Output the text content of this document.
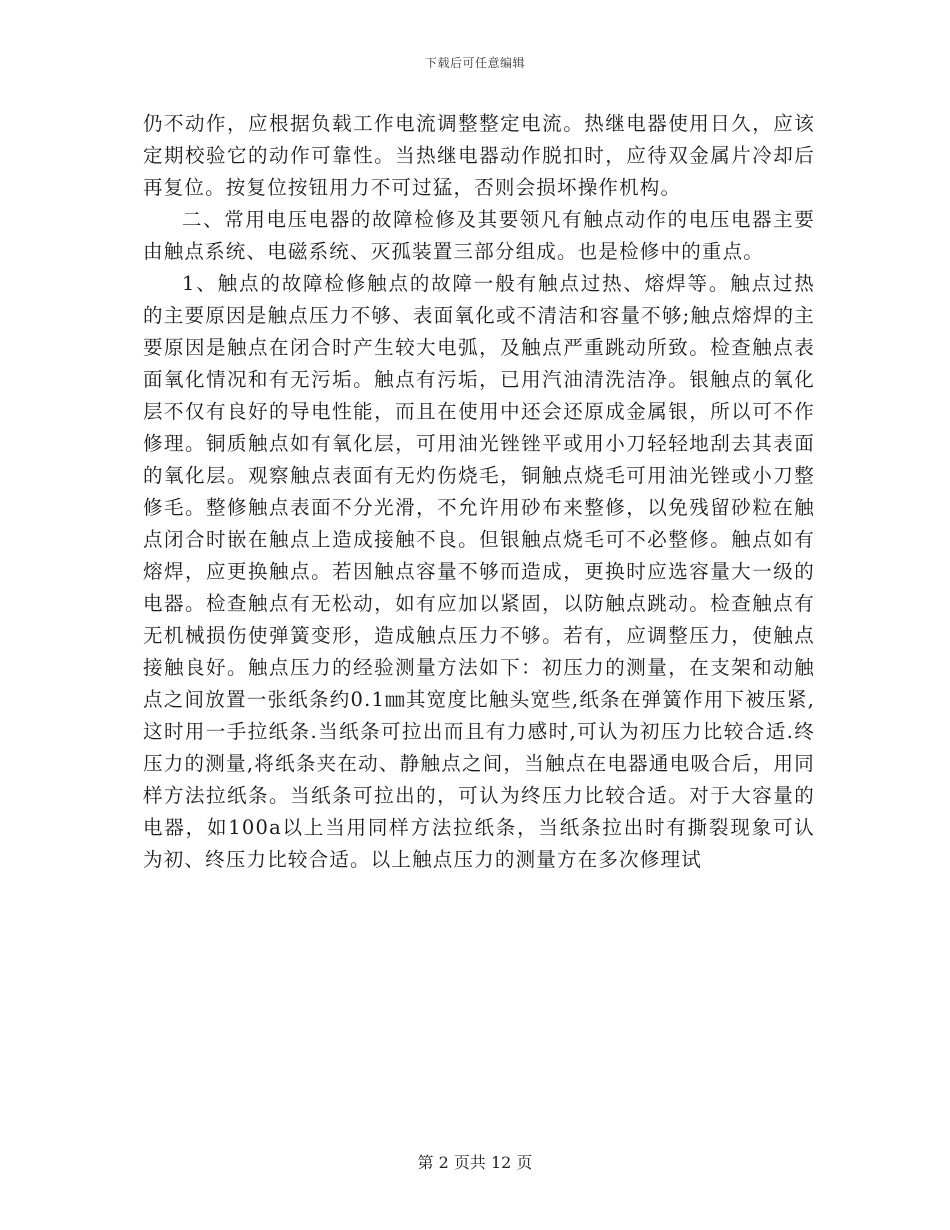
下载后可任意编辑

仍不动作，应根据负载工作电流调整整定电流。热继电器使用日久，应该定期校验它的动作可靠性。当热继电器动作脱扣时，应待双金属片冷却后再复位。按复位按钮用力不可过猛，否则会损坏操作机构。

二、常用电压电器的故障检修及其要领凡有触点动作的电压电器主要由触点系统、电磁系统、灭孤装置三部分组成。也是检修中的重点。

1、触点的故障检修触点的故障一般有触点过热、熔焊等。触点过热的主要原因是触点压力不够、表面氧化或不清洁和容量不够;触点熔焊的主要原因是触点在闭合时产生较大电弧，及触点严重跳动所致。检查触点表面氧化情况和有无污垢。触点有污垢，已用汽油清洗洁净。银触点的氧化层不仅有良好的导电性能，而且在使用中还会还原成金属银，所以可不作修理。铜质触点如有氧化层，可用油光锉锉平或用小刀轻轻地刮去其表面的氧化层。观察触点表面有无灼伤烧毛，铜触点烧毛可用油光锉或小刀整修毛。整修触点表面不分光滑，不允许用砂布来整修，以免残留砂粒在触点闭合时嵌在触点上造成接触不良。但银触点烧毛可不必整修。触点如有熔焊，应更换触点。若因触点容量不够而造成，更换时应选容量大一级的电器。检查触点有无松动，如有应加以紧固，以防触点跳动。检查触点有无机械损伤使弹簧变形，造成触点压力不够。若有，应调整压力，使触点接触良好。触点压力的经验测量方法如下：初压力的测量，在支架和动触点之间放置一张纸条约0.1㎜其宽度比触头宽些,纸条在弹簧作用下被压紧,这时用一手拉纸条.当纸条可拉出而且有力感时,可认为初压力比较合适.终压力的测量,将纸条夹在动、静触点之间，当触点在电器通电吸合后，用同样方法拉纸条。当纸条可拉出的，可认为终压力比较合适。对于大容量的电器，如100a以上当用同样方法拉纸条，当纸条拉出时有撕裂现象可认为初、终压力比较合适。以上触点压力的测量方在多次修理试

第 2 页共 12 页
